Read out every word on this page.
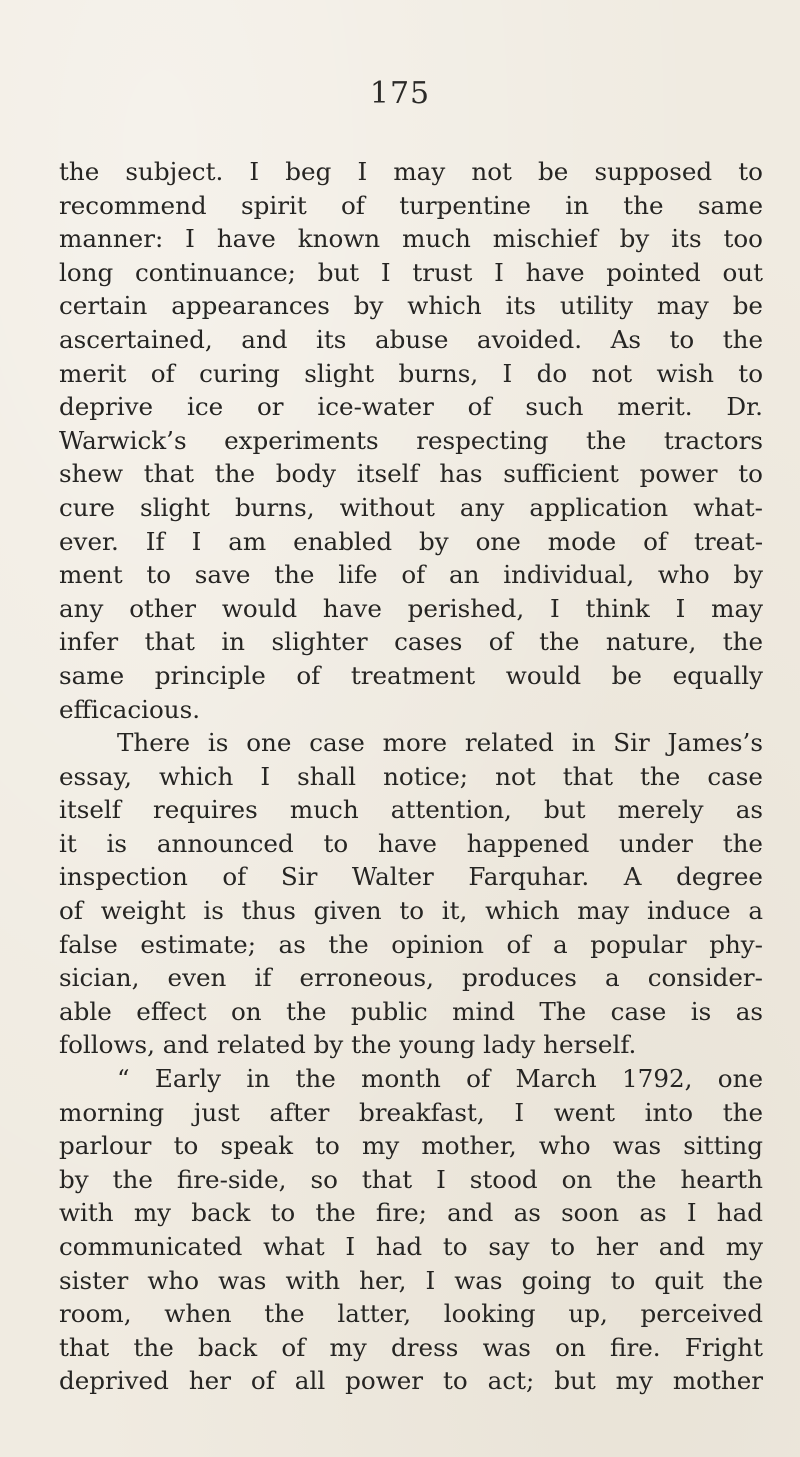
175
the subject. I beg I may not be supposed to
recommend spirit of turpentine in the same
manner: I have known much mischief by its too
long continuance; but I trust I have pointed out
certain appearances by which its utility may be
ascertained, and its abuse avoided. As to the
merit of curing slight burns, I do not wish to
deprive ice or ice-water of such merit. Dr.
Warwick’s experiments respecting the tractors
shew that the body itself has sufficient power to
cure slight burns, without any application what-
ever. If I am enabled by one mode of treat-
ment to save the life of an individual, who by
any other would have perished, I think I may
infer that in slighter cases of the nature, the
same principle of treatment would be equally
efficacious.
There is one case more related in Sir James’s
essay, which I shall notice; not that the case
itself requires much attention, but merely as
it is announced to have happened under the
inspection of Sir Walter Farquhar. A degree
of weight is thus given to it, which may induce a
false estimate; as the opinion of a popular phy-
sician, even if erroneous, produces a consider-
able effect on the public mind The case is as
follows, and related by the young lady herself.
“ Early in the month of March 1792, one
morning just after breakfast, I went into the
parlour to speak to my mother, who was sitting
by the fire-side, so that I stood on the hearth
with my back to the fire; and as soon as I had
communicated what I had to say to her and my
sister who was with her, I was going to quit the
room, when the latter, looking up, perceived
that the back of my dress was on fire. Fright
deprived her of all power to act; but my mother
